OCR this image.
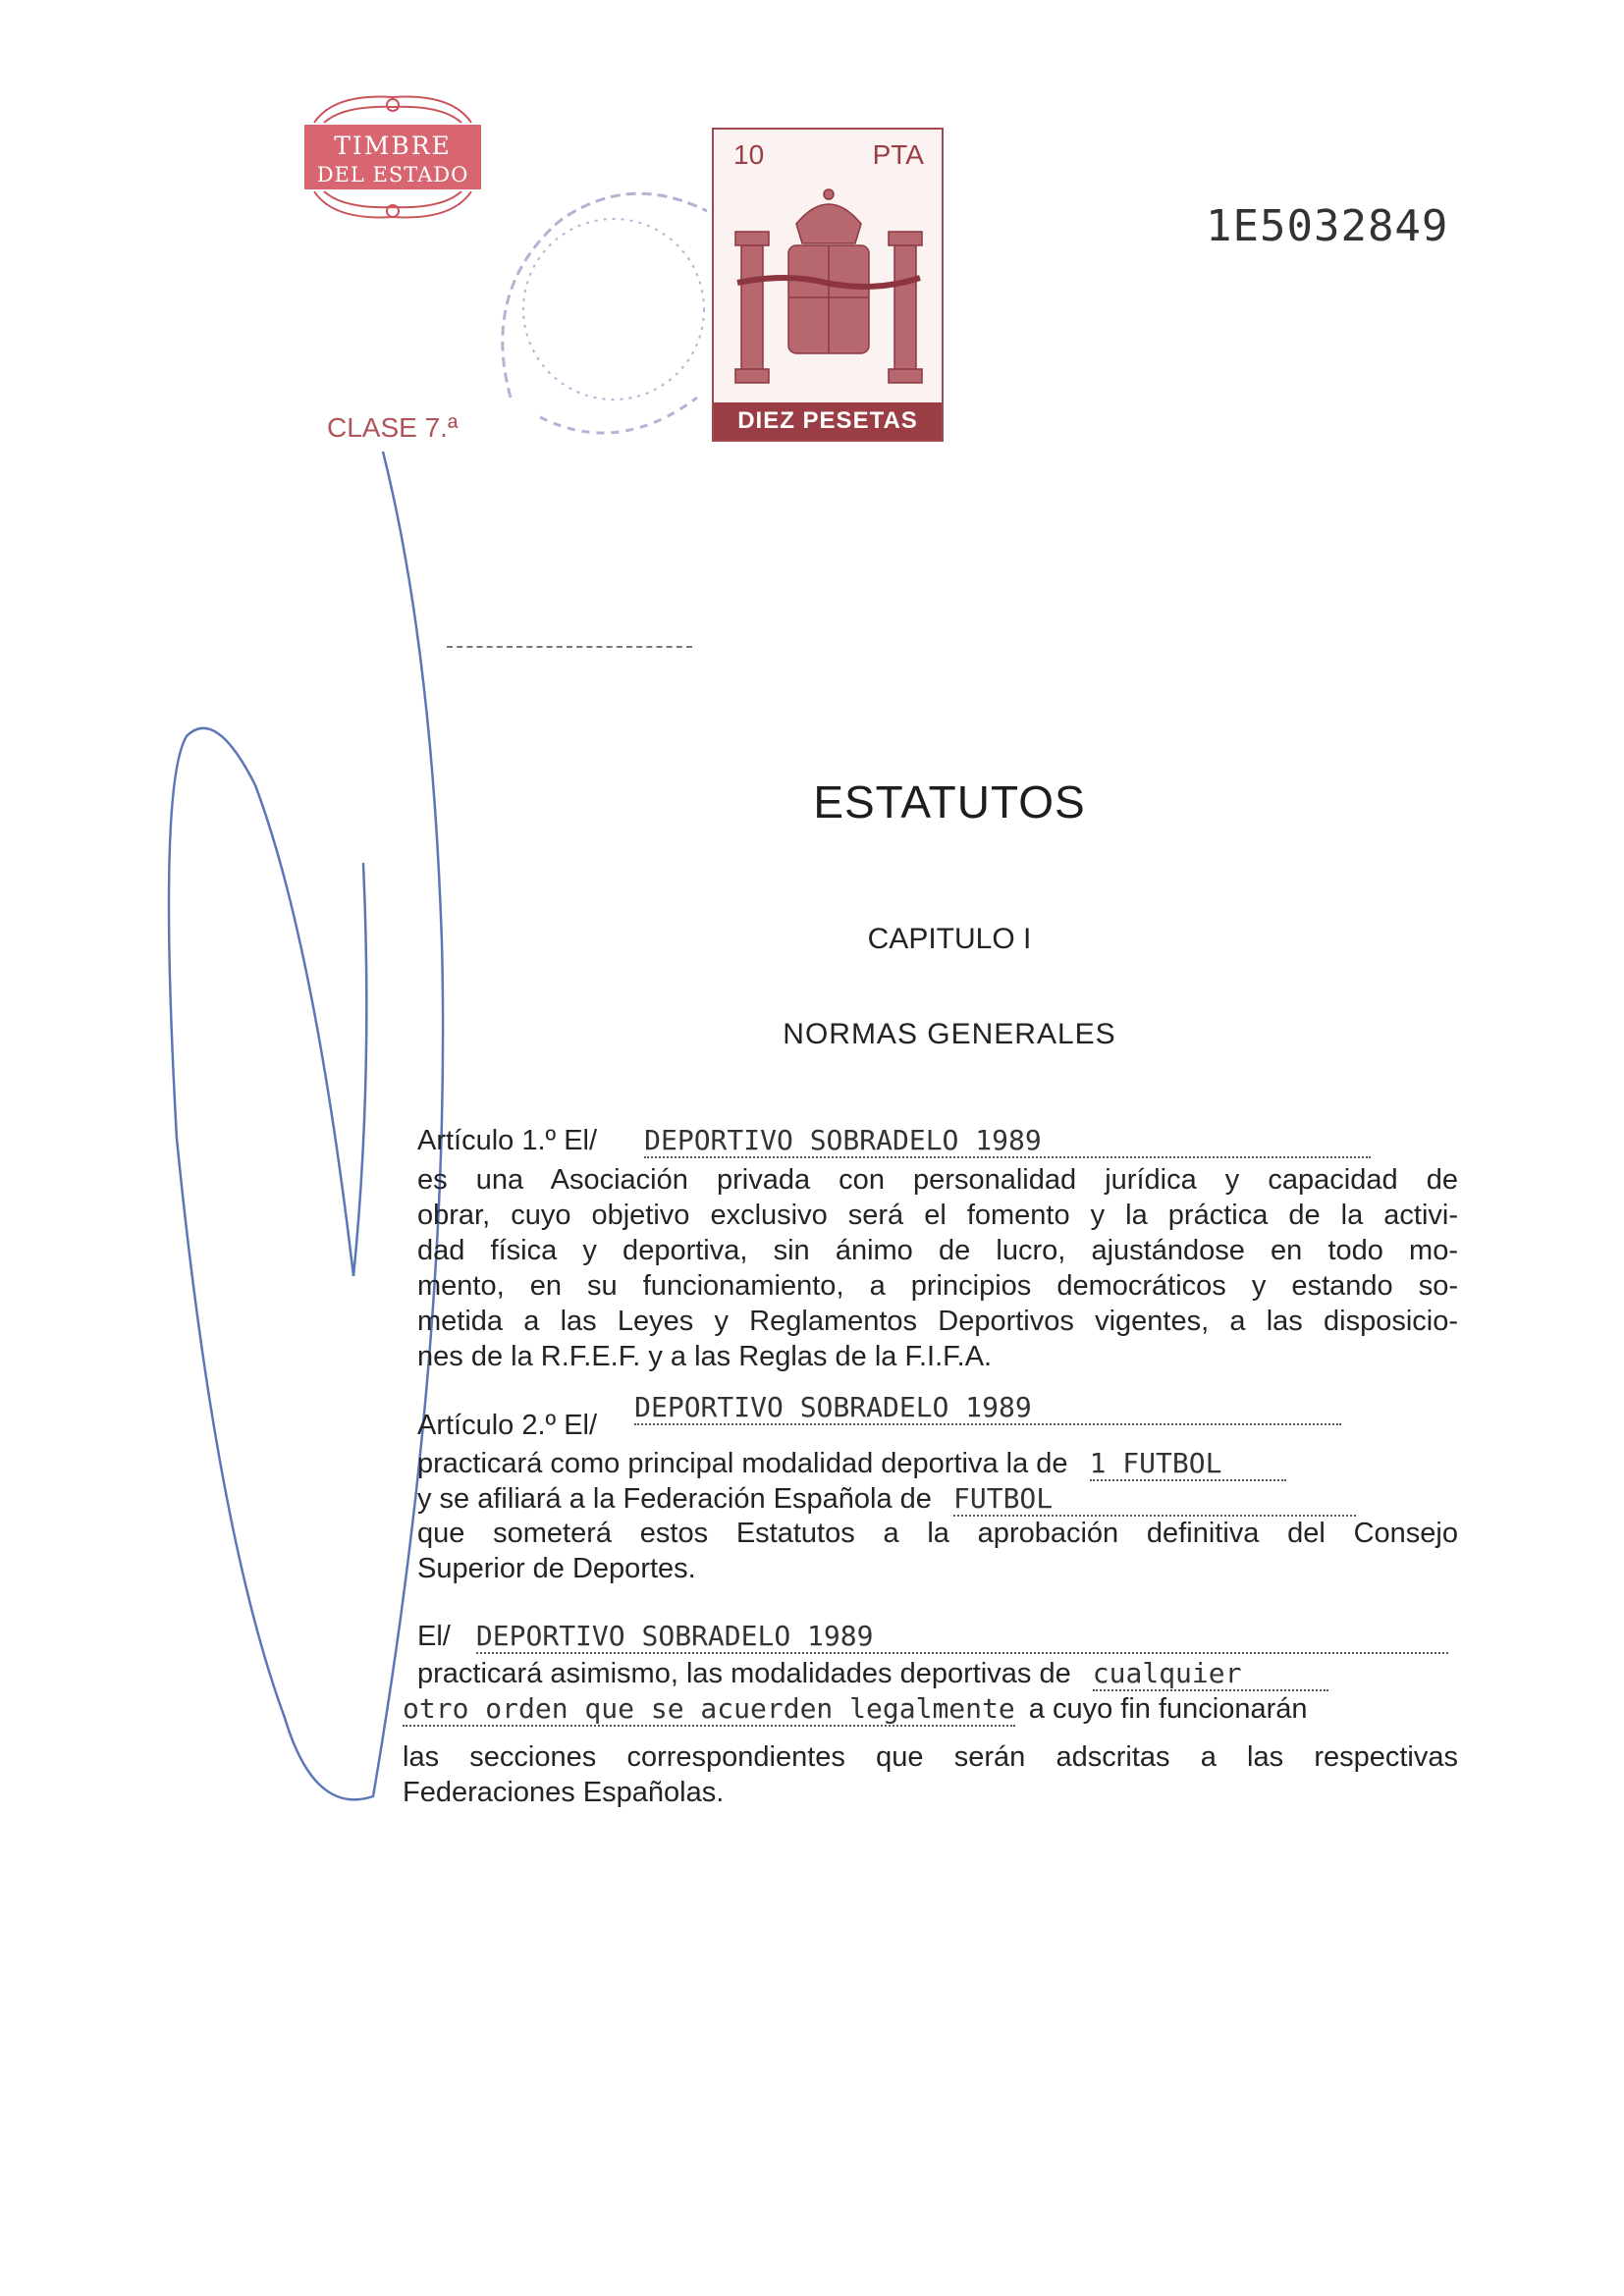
TIMBRE
DEL ESTADO
10	PTA
DIEZ PESETAS
1E5032849
CLASE 7.ª
ESTATUTOS
CAPITULO I
NORMAS GENERALES
Artículo 1.º El/ DEPORTIVO SOBRADELO 1989
es una Asociación privada con personalidad jurídica y capacidad de
obrar, cuyo objetivo exclusivo será el fomento y la práctica de la activi-
dad física y deportiva, sin ánimo de lucro, ajustándose en todo mo-
mento, en su funcionamiento, a principios democráticos y estando so-
metida a las Leyes y Reglamentos Deportivos vigentes, a las disposicio-
nes de la R.F.E.F. y a las Reglas de la F.I.F.A.
Artículo 2.º El/ DEPORTIVO SOBRADELO 1989
practicará como principal modalidad deportiva la de 1 FUTBOL
y se afiliará a la Federación Española de FUTBOL
que someterá estos Estatutos a la aprobación definitiva del Consejo
Superior de Deportes.
El/ DEPORTIVO SOBRADELO 1989
practicará asimismo, las modalidades deportivas de cualquier
otro orden que se acuerden legalmente a cuyo fin funcionarán
las secciones correspondientes que serán adscritas a las respectivas
Federaciones Españolas.
